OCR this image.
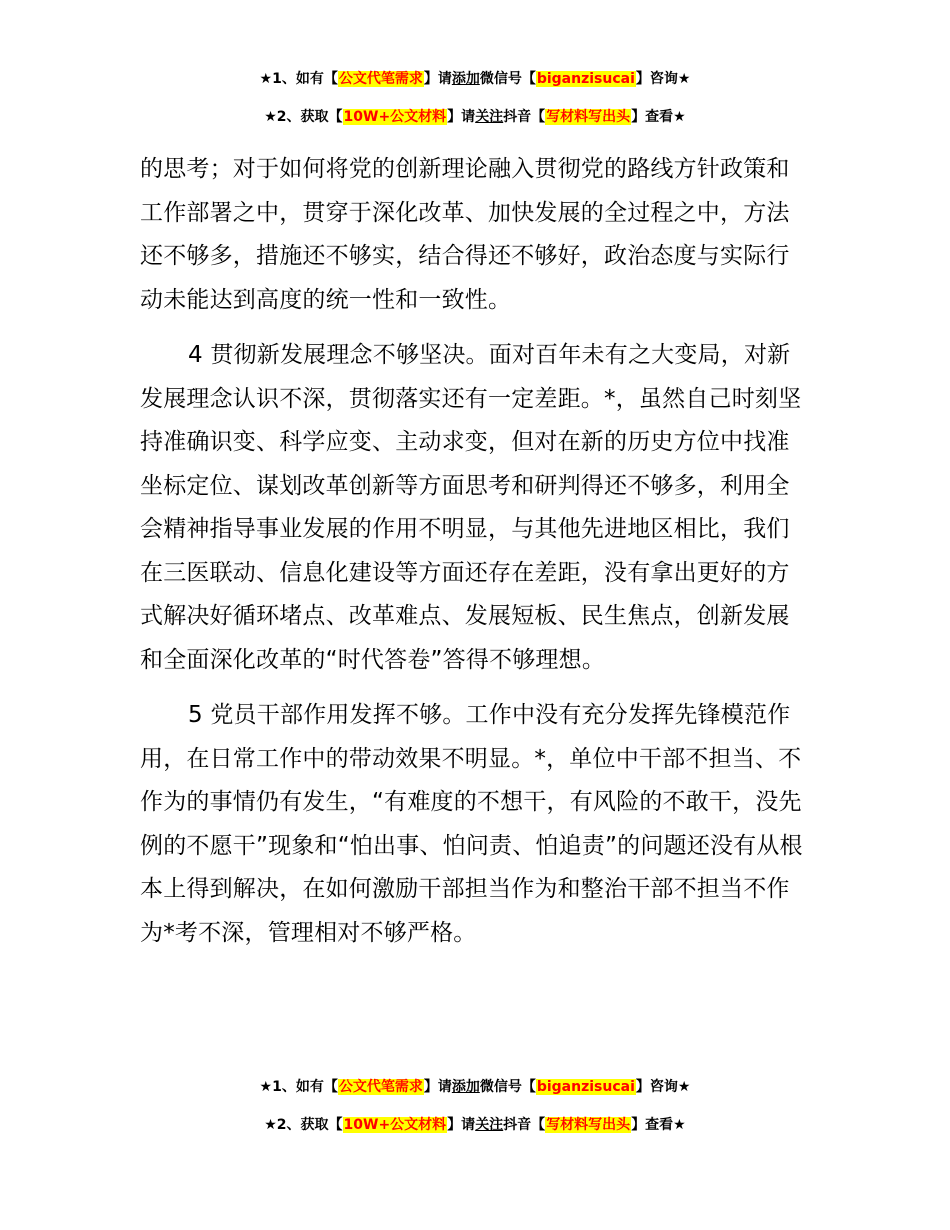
★1、如有【公文代笔需求】请添加微信号【biganzisucai】咨询★
★2、获取【10W+公文材料】请关注抖音【写材料写出头】查看★

的思考；对于如何将党的创新理论融入贯彻党的路线方针政策和工作部署之中，贯穿于深化改革、加快发展的全过程之中，方法还不够多，措施还不够实，结合得还不够好，政治态度与实际行动未能达到高度的统一性和一致性。

4 贯彻新发展理念不够坚决。面对百年未有之大变局，对新发展理念认识不深，贯彻落实还有一定差距。*，虽然自己时刻坚持准确识变、科学应变、主动求变，但对在新的历史方位中找准坐标定位、谋划改革创新等方面思考和研判得还不够多，利用全会精神指导事业发展的作用不明显，与其他先进地区相比，我们在三医联动、信息化建设等方面还存在差距，没有拿出更好的方式解决好循环堵点、改革难点、发展短板、民生焦点，创新发展和全面深化改革的“时代答卷”答得不够理想。

5 党员干部作用发挥不够。工作中没有充分发挥先锋模范作用，在日常工作中的带动效果不明显。*，单位中干部不担当、不作为的事情仍有发生，“有难度的不想干，有风险的不敢干，没先例的不愿干”现象和“怕出事、怕问责、怕追责”的问题还没有从根本上得到解决，在如何激励干部担当作为和整治干部不担当不作为*考不深，管理相对不够严格。

★1、如有【公文代笔需求】请添加微信号【biganzisucai】咨询★
★2、获取【10W+公文材料】请关注抖音【写材料写出头】查看★
